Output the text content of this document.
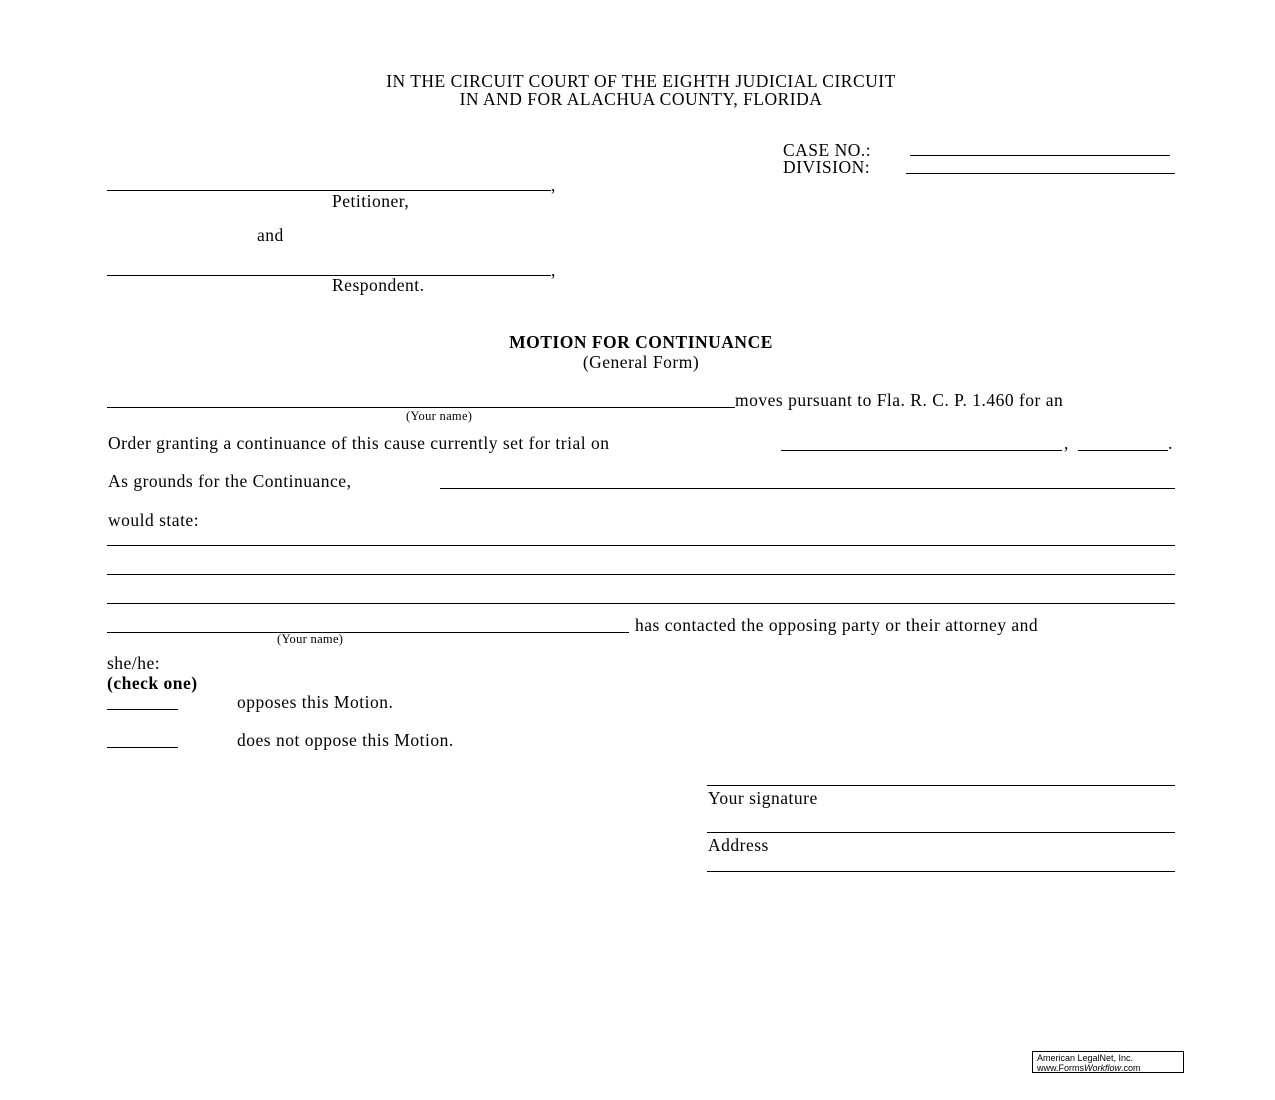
IN THE CIRCUIT COURT OF THE EIGHTH JUDICIAL CIRCUIT
IN AND FOR ALACHUA COUNTY, FLORIDA
CASE NO.:
DIVISION:
,
Petitioner,
and
,
Respondent.
MOTION FOR CONTINUANCE
(General Form)
moves pursuant to Fla. R. C. P. 1.460 for an
(Your name)
Order granting a continuance of this cause currently set for trial on	,	.
As grounds for the Continuance,
would state:
has contacted the opposing party or their attorney and
(Your name)
she/he:
(check one)
opposes this Motion.
does not oppose this Motion.
Your signature
Address
American LegalNet, Inc.
www.FormsWorkflow.com
